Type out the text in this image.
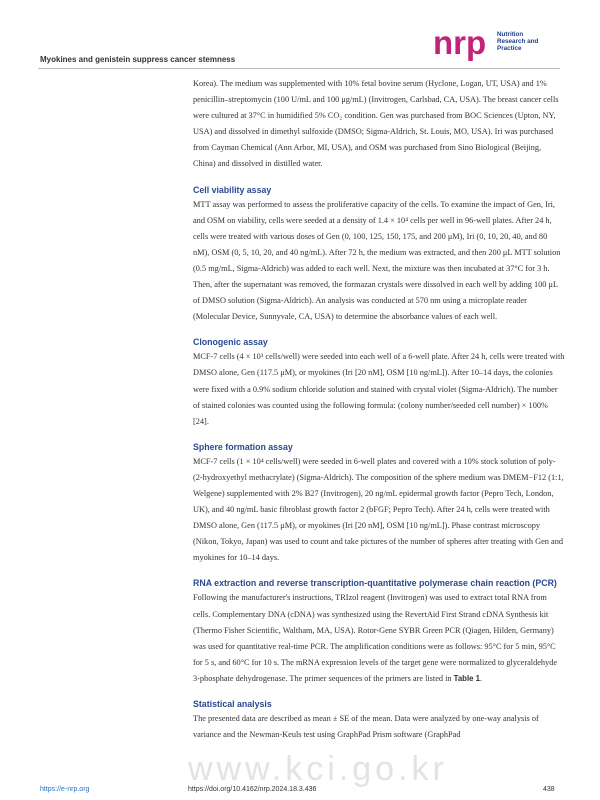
Myokines and genistein suppress cancer stemness	nrp Nutrition
Research and
Practice

Korea). The medium was supplemented with 10% fetal bovine serum (Hyclone, Logan, UT, USA) and 1% penicillin–streptomycin (100 U/mL and 100 μg/mL) (Invitrogen, Carlsbad, CA, USA). The breast cancer cells were cultured at 37°C in humidified 5% CO₂ condition. Gen was purchased from BOC Sciences (Upton, NY, USA) and dissolved in dimethyl sulfoxide (DMSO; Sigma-Aldrich, St. Louis, MO, USA). Iri was purchased from Cayman Chemical (Ann Arbor, MI, USA), and OSM was purchased from Sino Biological (Beijing, China) and dissolved in distilled water.

Cell viability assay

MTT assay was performed to assess the proliferative capacity of the cells. To examine the impact of Gen, Iri, and OSM on viability, cells were seeded at a density of 1.4 × 10⁴ cells per well in 96-well plates. After 24 h, cells were treated with various doses of Gen (0, 100, 125, 150, 175, and 200 μM), Iri (0, 10, 20, 40, and 80 nM), OSM (0, 5, 10, 20, and 40 ng/mL). After 72 h, the medium was extracted, and then 200 μL MTT solution (0.5 mg/mL, Sigma-Aldrich) was added to each well. Next, the mixture was then incubated at 37°C for 3 h. Then, after the supernatant was removed, the formazan crystals were dissolved in each well by adding 100 μL of DMSO solution (Sigma-Aldrich). An analysis was conducted at 570 nm using a microplate reader (Molecular Device, Sunnyvale, CA, USA) to determine the absorbance values of each well.

Clonogenic assay

MCF-7 cells (4 × 10³ cells/well) were seeded into each well of a 6-well plate. After 24 h, cells were treated with DMSO alone, Gen (117.5 μM), or myokines (Iri [20 nM], OSM [10 ng/mL]). After 10–14 days, the colonies were fixed with a 0.9% sodium chloride solution and stained with crystal violet (Sigma-Aldrich). The number of stained colonies was counted using the following formula: (colony number/seeded cell number) × 100% [24].

Sphere formation assay

MCF-7 cells (1 × 10⁴ cells/well) were seeded in 6-well plates and covered with a 10% stock solution of poly-(2-hydroxyethyl methacrylate) (Sigma-Aldrich). The composition of the sphere medium was DMEM−F12 (1:1, Welgene) supplemented with 2% B27 (Invitrogen), 20 ng/mL epidermal growth factor (Pepro Tech, London, UK), and 40 ng/mL basic fibroblast growth factor 2 (bFGF; Pepro Tech). After 24 h, cells were treated with DMSO alone, Gen (117.5 μM), or myokines (Iri [20 nM], OSM [10 ng/mL]). Phase contrast microscopy (Nikon, Tokyo, Japan) was used to count and take pictures of the number of spheres after treating with Gen and myokines for 10–14 days.

RNA extraction and reverse transcription-quantitative polymerase chain reaction (PCR)

Following the manufacturer's instructions, TRIzol reagent (Invitrogen) was used to extract total RNA from cells. Complementary DNA (cDNA) was synthesized using the RevertAid First Strand cDNA Synthesis kit (Thermo Fisher Scientific, Waltham, MA, USA). Rotor-Gene SYBR Green PCR (Qiagen, Hilden, Germany) was used for quantitative real-time PCR. The amplification conditions were as follows: 95°C for 5 min, 95°C for 5 s, and 60°C for 10 s. The mRNA expression levels of the target gene were normalized to glyceraldehyde 3-phosphate dehydrogenase. The primer sequences of the primers are listed in Table 1.

Statistical analysis

The presented data are described as mean ± SE of the mean. Data were analyzed by one-way analysis of variance and the Newman-Keuls test using GraphPad Prism software (GraphPad

www.kci.go.kr
https://e-nrp.org	https://doi.org/10.4162/nrp.2024.18.3.436	438
